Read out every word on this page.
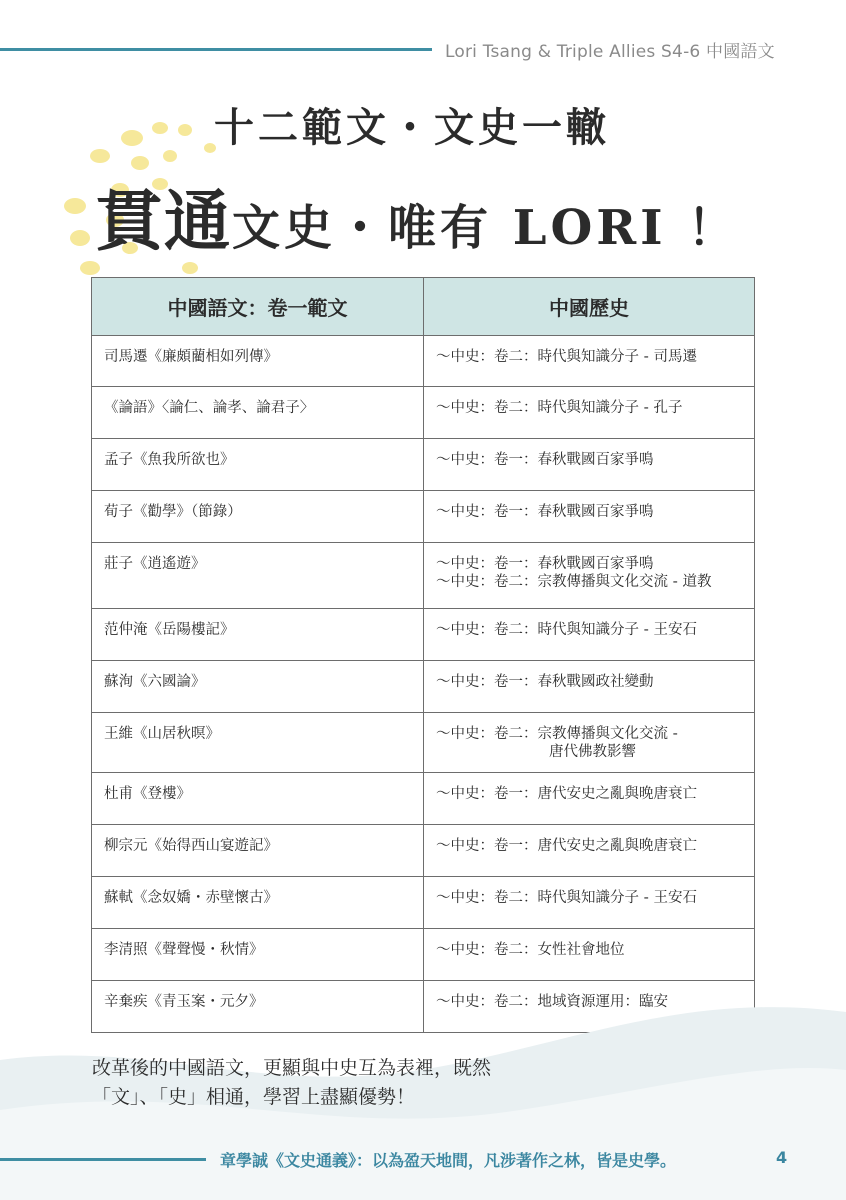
Lori Tsang & Triple Allies S4-6 中國語文
十二範文・文史一轍
貫通文史・唯有 LORI ！
中國語文：卷一範文	中國歷史

司馬遷《廉頗藺相如列傳》	〜中史：卷二：時代與知識分子 - 司馬遷

《論語》〈論仁、論孝、論君子〉	〜中史：卷二：時代與知識分子 - 孔子

孟子《魚我所欲也》	〜中史：卷一：春秋戰國百家爭鳴

荀子《勸學》（節錄）	〜中史：卷一：春秋戰國百家爭鳴

莊子《逍遙遊》	〜中史：卷一：春秋戰國百家爭鳴
〜中史：卷二：宗教傳播與文化交流 - 道教

范仲淹《岳陽樓記》	〜中史：卷二：時代與知識分子 - 王安石

蘇洵《六國論》	〜中史：卷一：春秋戰國政社變動

王維《山居秋暝》	〜中史：卷二：宗教傳播與文化交流 -
唐代佛教影響

杜甫《登樓》	〜中史：卷一：唐代安史之亂與晚唐衰亡

柳宗元《始得西山宴遊記》	〜中史：卷一：唐代安史之亂與晚唐衰亡

蘇軾《念奴嬌・赤壁懷古》	〜中史：卷二：時代與知識分子 - 王安石

李清照《聲聲慢・秋情》	〜中史：卷二：女性社會地位

辛棄疾《青玉案・元夕》	〜中史：卷二：地域資源運用：臨安
改革後的中國語文，更顯與中史互為表裡，既然
「文」、「史」相通，學習上盡顯優勢！
章學誠《文史通義》：以為盈天地間，凡涉著作之林，皆是史學。	4
